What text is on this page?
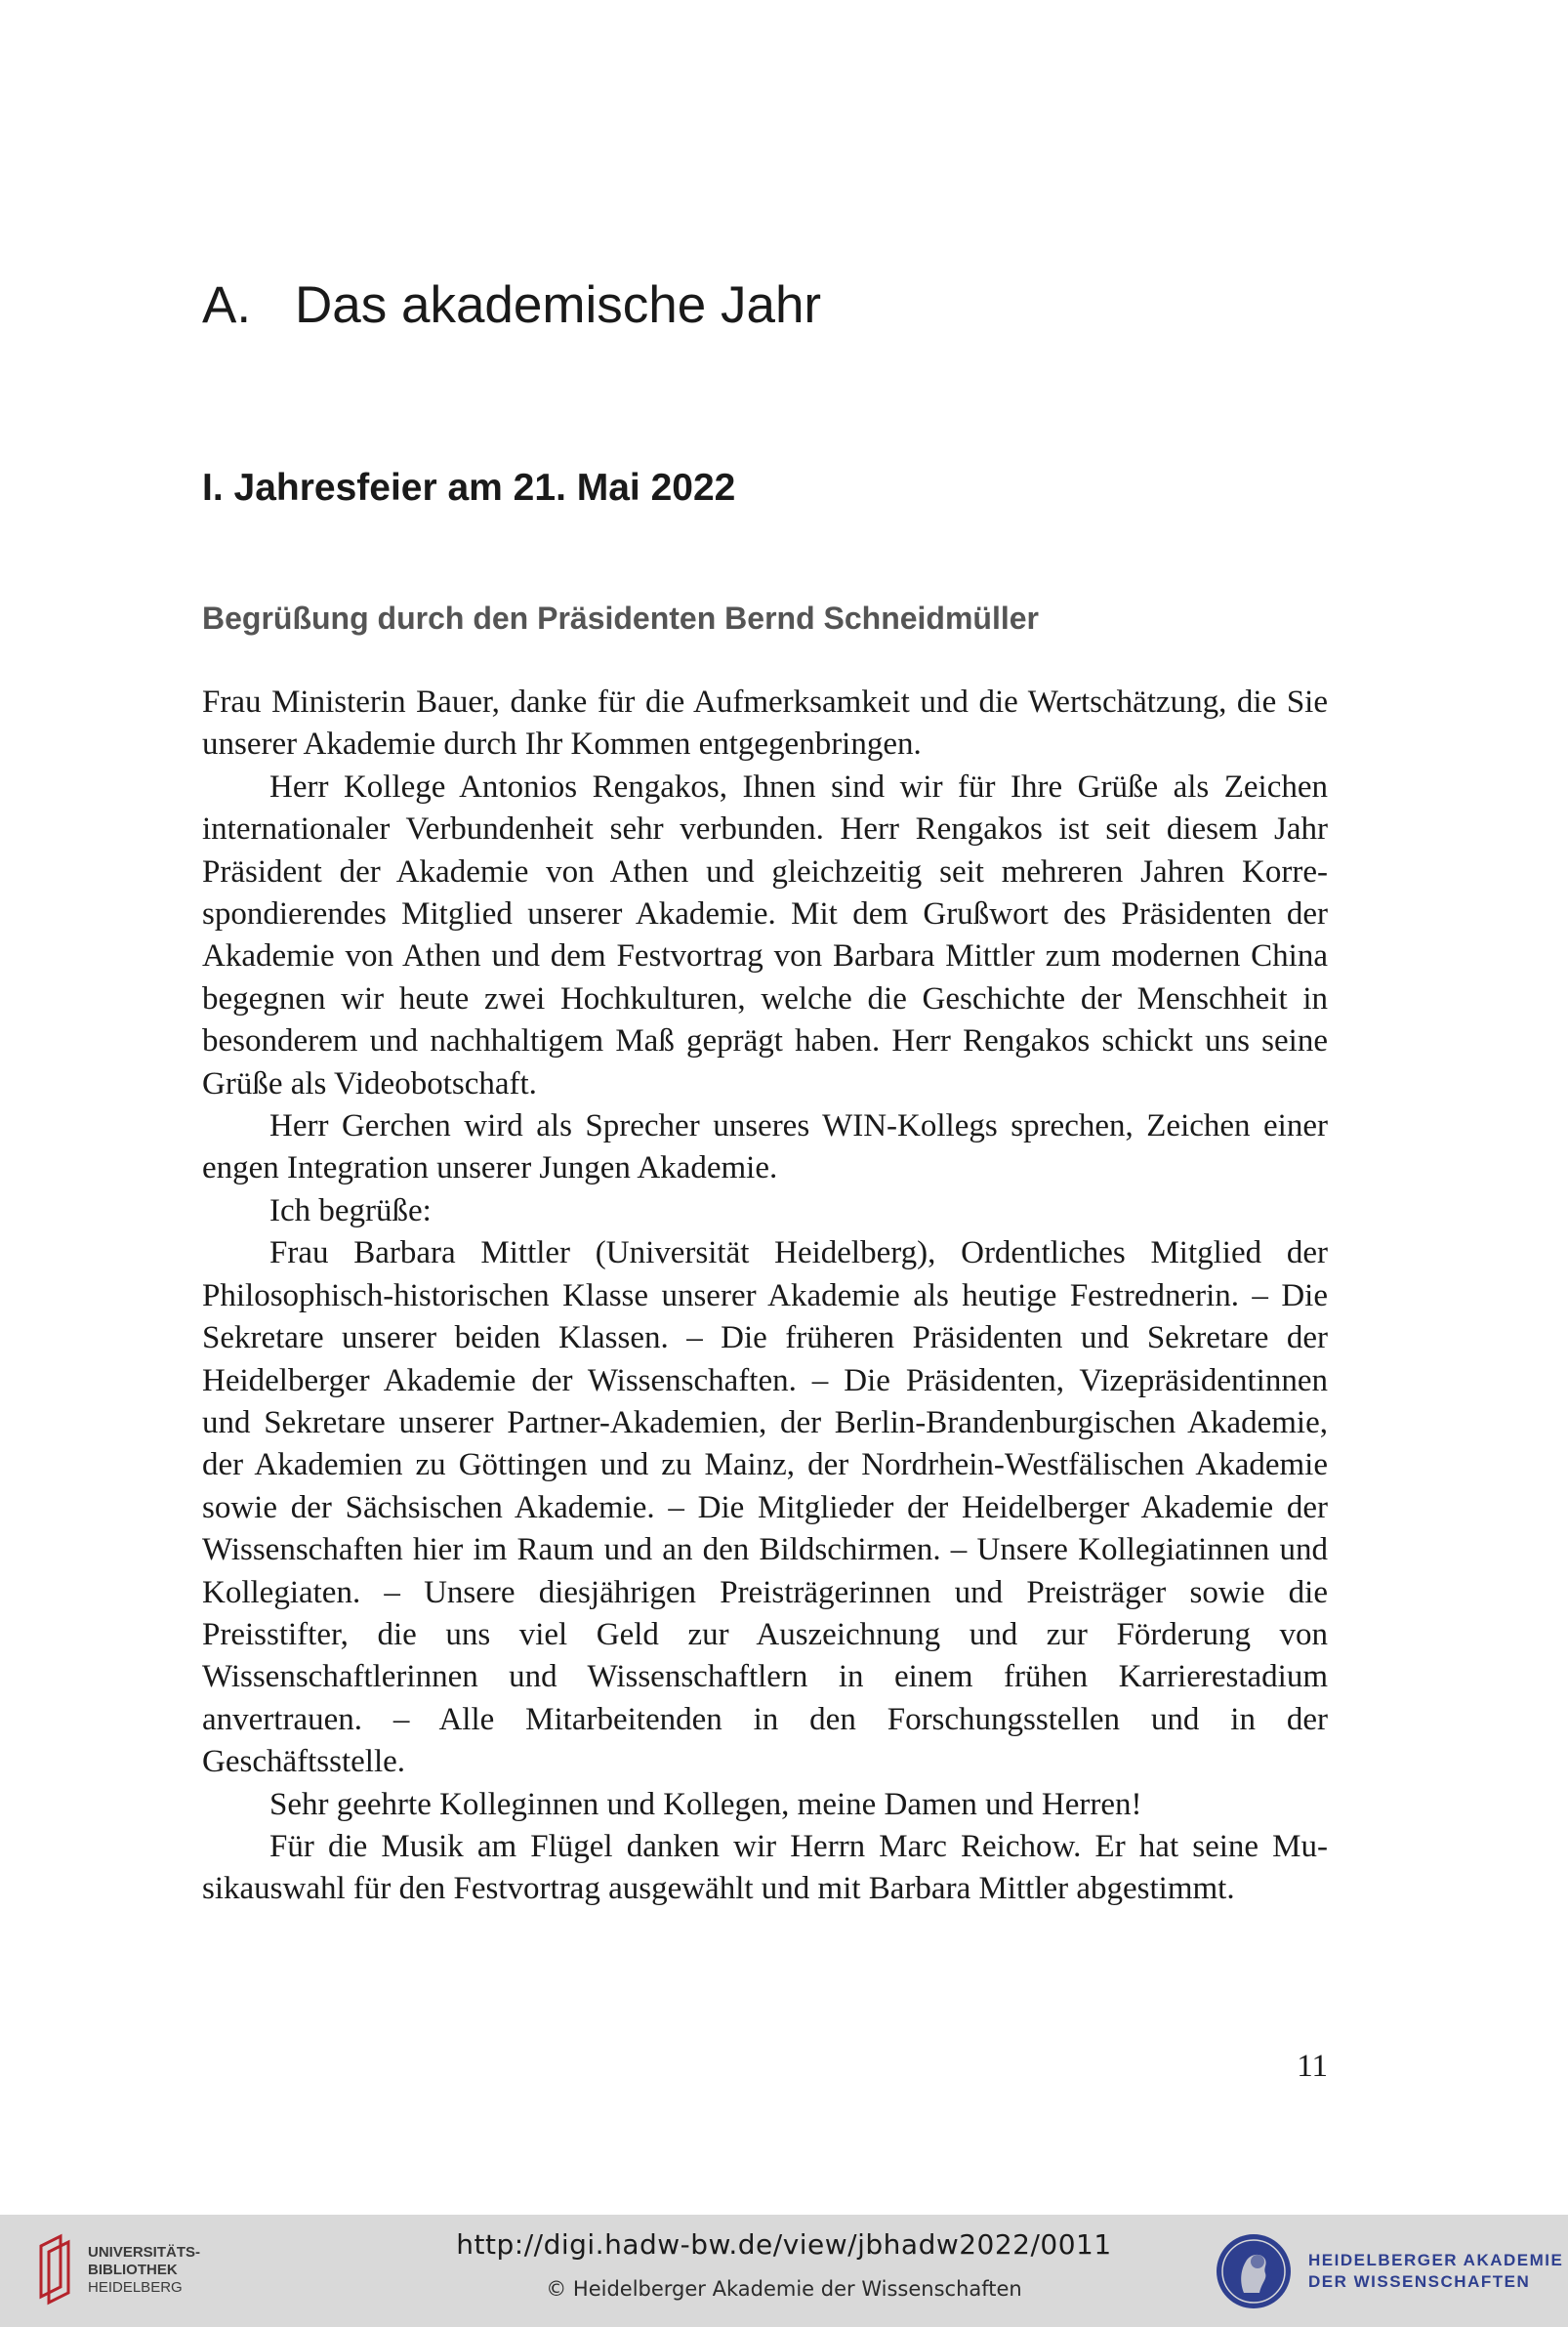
A. Das akademische Jahr
I. Jahresfeier am 21. Mai 2022
Begrüßung durch den Präsidenten Bernd Schneidmüller

Frau Ministerin Bauer, danke für die Aufmerksamkeit und die Wertschätzung, die Sie unserer Akademie durch Ihr Kommen entgegenbringen.

Herr Kollege Antonios Rengakos, Ihnen sind wir für Ihre Grüße als Zeichen internationaler Verbundenheit sehr verbunden. Herr Rengakos ist seit diesem Jahr Präsident der Akademie von Athen und gleichzeitig seit mehreren Jahren Korrespondierendes Mitglied unserer Akademie. Mit dem Grußwort des Präsidenten der Akademie von Athen und dem Festvortrag von Barbara Mittler zum modernen China begegnen wir heute zwei Hochkulturen, welche die Geschichte der Menschheit in besonderem und nachhaltigem Maß geprägt haben. Herr Rengakos schickt uns seine Grüße als Videobotschaft.

Herr Gerchen wird als Sprecher unseres WIN-Kollegs sprechen, Zeichen einer engen Integration unserer Jungen Akademie.

Ich begrüße:

Frau Barbara Mittler (Universität Heidelberg), Ordentliches Mitglied der Philosophisch-historischen Klasse unserer Akademie als heutige Festrednerin. – Die Sekretare unserer beiden Klassen. – Die früheren Präsidenten und Sekretare der Heidelberger Akademie der Wissenschaften. – Die Präsidenten, Vizepräsidentinnen und Sekretare unserer Partner-Akademien, der Berlin-Brandenburgischen Akademie, der Akademien zu Göttingen und zu Mainz, der Nordrhein-Westfälischen Akademie sowie der Sächsischen Akademie. – Die Mitglieder der Heidelberger Akademie der Wissenschaften hier im Raum und an den Bildschirmen. – Unsere Kollegiatinnen und Kollegiaten. – Unsere diesjährigen Preisträgerinnen und Preisträger sowie die Preisstifter, die uns viel Geld zur Auszeichnung und zur Förderung von Wissenschaftlerinnen und Wissenschaftlern in einem frühen Karrierestadium anvertrauen. – Alle Mitarbeitenden in den Forschungsstellen und in der Geschäftsstelle.

Sehr geehrte Kolleginnen und Kollegen, meine Damen und Herren!

Für die Musik am Flügel danken wir Herrn Marc Reichow. Er hat seine Musikauswahl für den Festvortrag ausgewählt und mit Barbara Mittler abgestimmt.

11
UNIVERSITÄTS-
BIBLIOTHEK
HEIDELBERG
http://digi.hadw-bw.de/view/jbhadw2022/0011
© Heidelberger Akademie der Wissenschaften
HEIDELBERGER AKADEMIE
DER WISSENSCHAFTEN
